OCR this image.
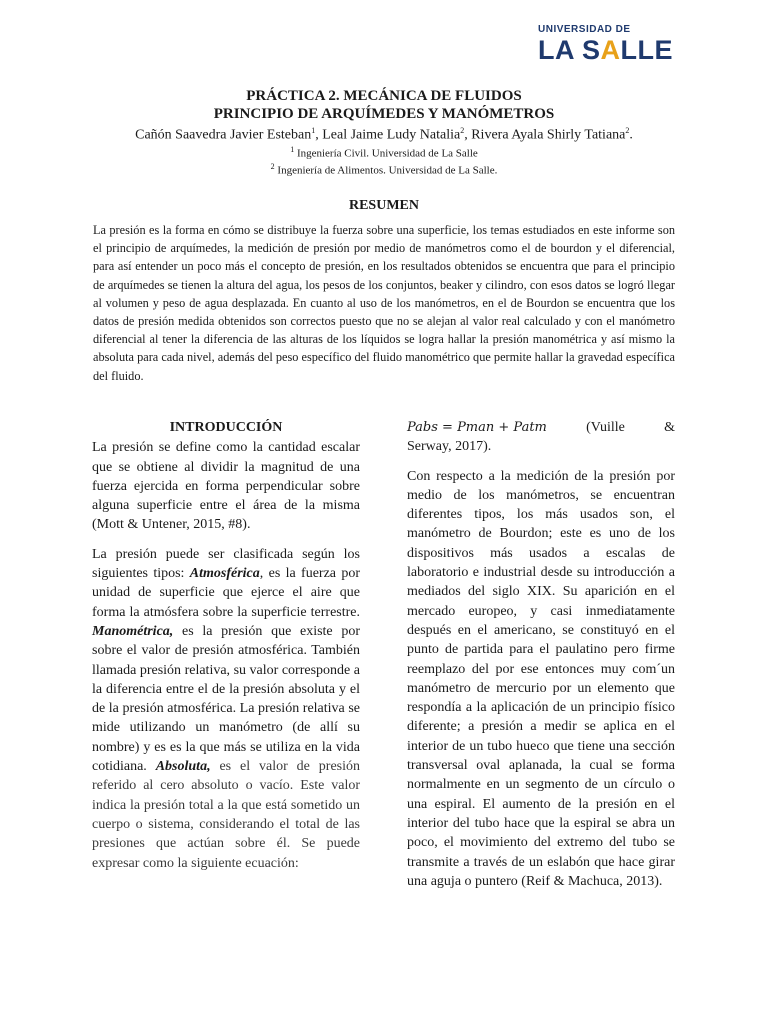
UNIVERSIDAD DE
LA SALLE
PRÁCTICA 2. MECÁNICA DE FLUIDOS
PRINCIPIO DE ARQUÍMEDES Y MANÓMETROS
Cañón Saavedra Javier Esteban$^1$, Leal Jaime Ludy Natalia$^2$, Rivera Ayala Shirly Tatiana$^2$.
$^1$ Ingeniería Civil. Universidad de La Salle
$^2$ Ingeniería de Alimentos. Universidad de La Salle.
RESUMEN
La presión es la forma en cómo se distribuye la fuerza sobre una superficie, los temas estudiados en este informe son el principio de arquímedes, la medición de presión por medio de manómetros como el de bourdon y el diferencial, para así entender un poco más el concepto de presión, en los resultados obtenidos se encuentra que para el principio de arquímedes se tienen la altura del agua, los pesos de los conjuntos, beaker y cilindro, con esos datos se logró llegar al volumen y peso de agua desplazada. En cuanto al uso de los manómetros, en el de Bourdon se encuentra que los datos de presión medida obtenidos son correctos puesto que no se alejan al valor real calculado y con el manómetro diferencial al tener la diferencia de las alturas de los líquidos se logra hallar la presión manométrica y así mismo la absoluta para cada nivel, además del peso específico del fluido manométrico que permite hallar la gravedad específica del fluido.
INTRODUCCIÓN

La presión se define como la cantidad escalar que se obtiene al dividir la magnitud de una fuerza ejercida en forma perpendicular sobre alguna superficie entre el área de la misma (Mott & Untener, 2015, #8).

La presión puede ser clasificada según los siguientes tipos: Atmosférica, es la fuerza por unidad de superficie que ejerce el aire que forma la atmósfera sobre la superficie terrestre. Manométrica, es la presión que existe por sobre el valor de presión atmosférica. También llamada presión relativa, su valor corresponde a la diferencia entre el de la presión absoluta y el de la presión atmosférica. La presión relativa se mide utilizando un manómetro (de allí su nombre) y es es la que más se utiliza en la vida cotidiana. Absoluta, es el valor de presión referido al cero absoluto o vacío. Este valor indica la presión total a la que está sometido un cuerpo o sistema, considerando el total de las presiones que actúan sobre él. Se puede expresar como la siguiente ecuación:

Pabs = Pman + Patm	(Vuille	&

Serway, 2017).

Con respecto a la medición de la presión por medio de los manómetros, se encuentran diferentes tipos, los más usados son, el manómetro de Bourdon; este es uno de los dispositivos más usados a escalas de laboratorio e industrial desde su introducción a mediados del siglo XIX. Su aparición en el mercado europeo, y casi inmediatamente después en el americano, se constituyó en el punto de partida para el paulatino pero firme reemplazo del por ese entonces muy com´un manómetro de mercurio por un elemento que respondía a la aplicación de un principio físico diferente; a presión a medir se aplica en el interior de un tubo hueco que tiene una sección transversal oval aplanada, la cual se forma normalmente en un segmento de un círculo o una espiral. El aumento de la presión en el interior del tubo hace que la espiral se abra un poco, el movimiento del extremo del tubo se transmite a través de un eslabón que hace girar una aguja o puntero (Reif & Machuca, 2013).
